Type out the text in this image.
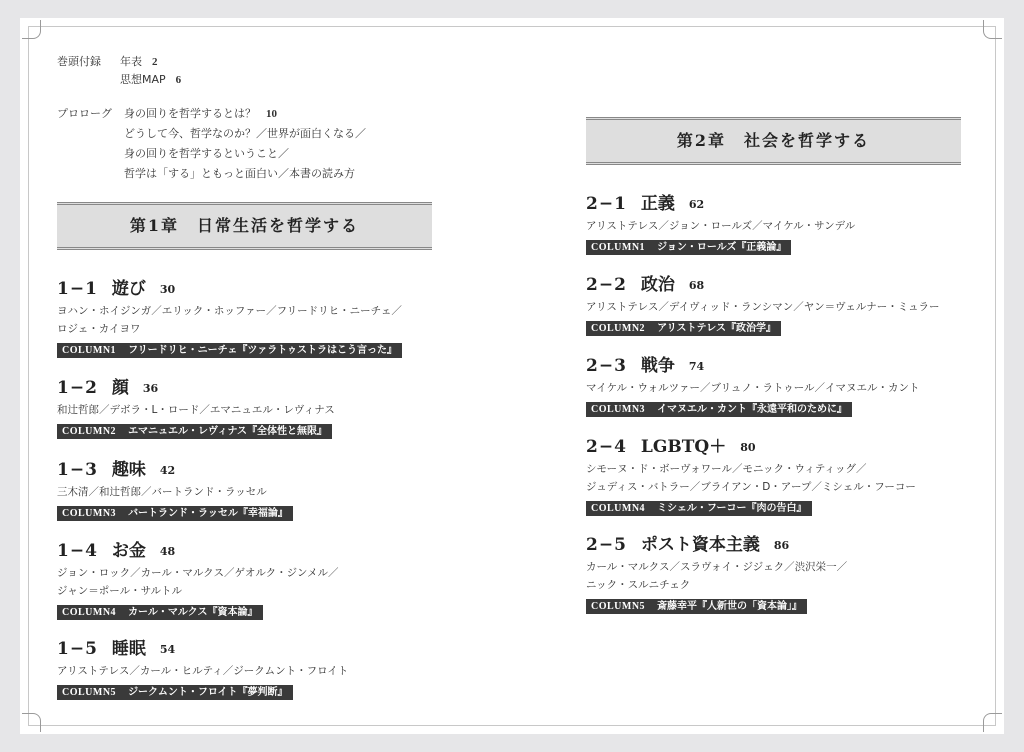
巻頭付録 年表 2
思想MAP 6
プロローグ 身の回りを哲学するとは？ 10
どうして今、哲学なのか？／世界が面白くなる／
身の回りを哲学するということ／
哲学は「する」ともっと面白い／本書の読み方
第1章　日常生活を哲学する
1−1 遊び 30
ヨハン・ホイジンガ／エリック・ホッファー／フリードリヒ・ニーチェ／
ロジェ・カイヨワ
COLUMN1 フリードリヒ・ニーチェ『ツァラトゥストラはこう言った』
1−2 顔 36
和辻哲郎／デボラ・L・ロード／エマニュエル・レヴィナス
COLUMN2 エマニュエル・レヴィナス『全体性と無限』
1−3 趣味 42
三木清／和辻哲郎／バートランド・ラッセル
COLUMN3 バートランド・ラッセル『幸福論』
1−4 お金 48
ジョン・ロック／カール・マルクス／ゲオルク・ジンメル／
ジャン＝ポール・サルトル
COLUMN4 カール・マルクス『資本論』
1−5 睡眠 54
アリストテレス／カール・ヒルティ／ジークムント・フロイト
COLUMN5 ジークムント・フロイト『夢判断』
2−1 正義 62
アリストテレス／ジョン・ロールズ／マイケル・サンデル
COLUMN1 ジョン・ロールズ『正義論』
2−2 政治 68
アリストテレス／デイヴィッド・ランシマン／ヤン＝ヴェルナー・ミュラー
COLUMN2 アリストテレス『政治学』
2−3 戦争 74
マイケル・ウォルツァー／ブリュノ・ラトゥール／イマヌエル・カント
COLUMN3 イマヌエル・カント『永遠平和のために』
2−4 LGBTQ＋ 80
シモーヌ・ド・ボーヴォワール／モニック・ウィティッグ／
ジュディス・バトラー／ブライアン・D・アープ／ミシェル・フーコー
COLUMN4 ミシェル・フーコー『肉の告白』
2−5 ポスト資本主義 86
カール・マルクス／スラヴォイ・ジジェク／渋沢栄一／
ニック・スルニチェク
COLUMN5 斎藤幸平『人新世の「資本論」』
第2章　社会を哲学する
